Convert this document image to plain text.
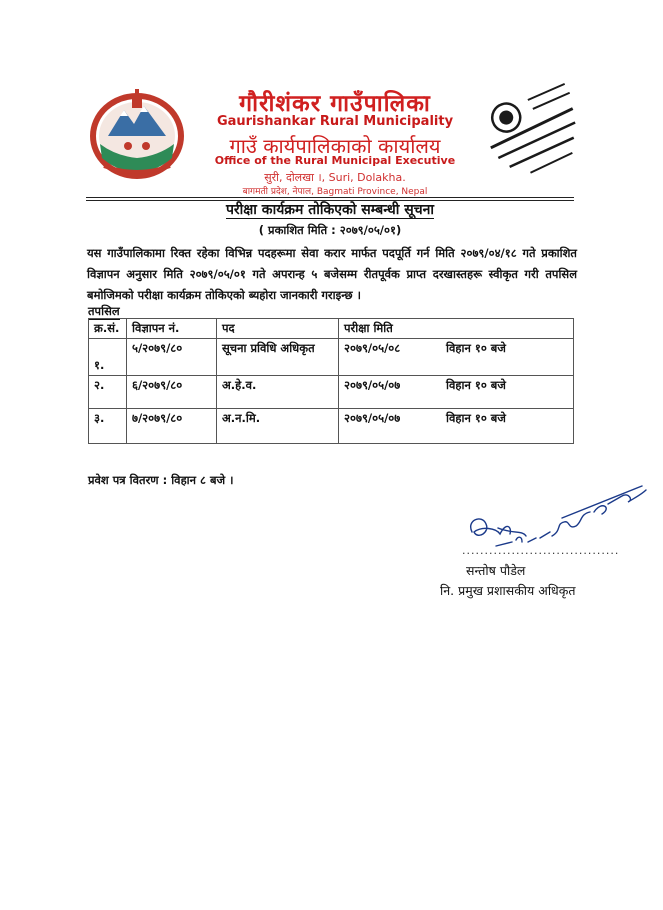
गौरीशंकर गाउँपालिका
Gaurishankar Rural Municipality
गाउँ कार्यपालिकाको कार्यालय
Office of the Rural Municipal Executive
सुरी, दोलखा ।, Suri, Dolakha.
बागमती प्रदेश, नेपाल, Bagmati Province, Nepal
परीक्षा कार्यक्रम तोकिएको सम्बन्धी सूचना
( प्रकाशित मिति : २०७९/०५/०१)
यस गाउँपालिकामा रिक्त रहेका विभिन्न पदहरूमा सेवा करार मार्फत पदपूर्ति गर्न मिति २०७९/०४/१८ गते प्रकाशित विज्ञापन अनुसार मिति २०७९/०५/०१ गते अपरान्ह ५ बजेसम्म रीतपूर्वक प्राप्त दरखास्तहरू स्वीकृत गरी तपसिल बमोजिमको परीक्षा कार्यक्रम तोकिएको ब्यहोरा जानकारी गराइन्छ ।
तपसिल
क्र.सं.	विज्ञापन नं.	पद	परीक्षा मिति
१.	५/२०७९/८०	सूचना प्रविधि अधिकृत	२०७९/०५/०८ विहान १० बजे
२.	६/२०७९/८०	अ.हे.व.	२०७९/०५/०७ विहान १० बजे
३.	७/२०७९/८०	अ.न.मि.	२०७९/०५/०७ विहान १० बजे
प्रवेश पत्र वितरण : विहान ८ बजे ।
...................................
सन्तोष पौडेल
नि. प्रमुख प्रशासकीय अधिकृत
